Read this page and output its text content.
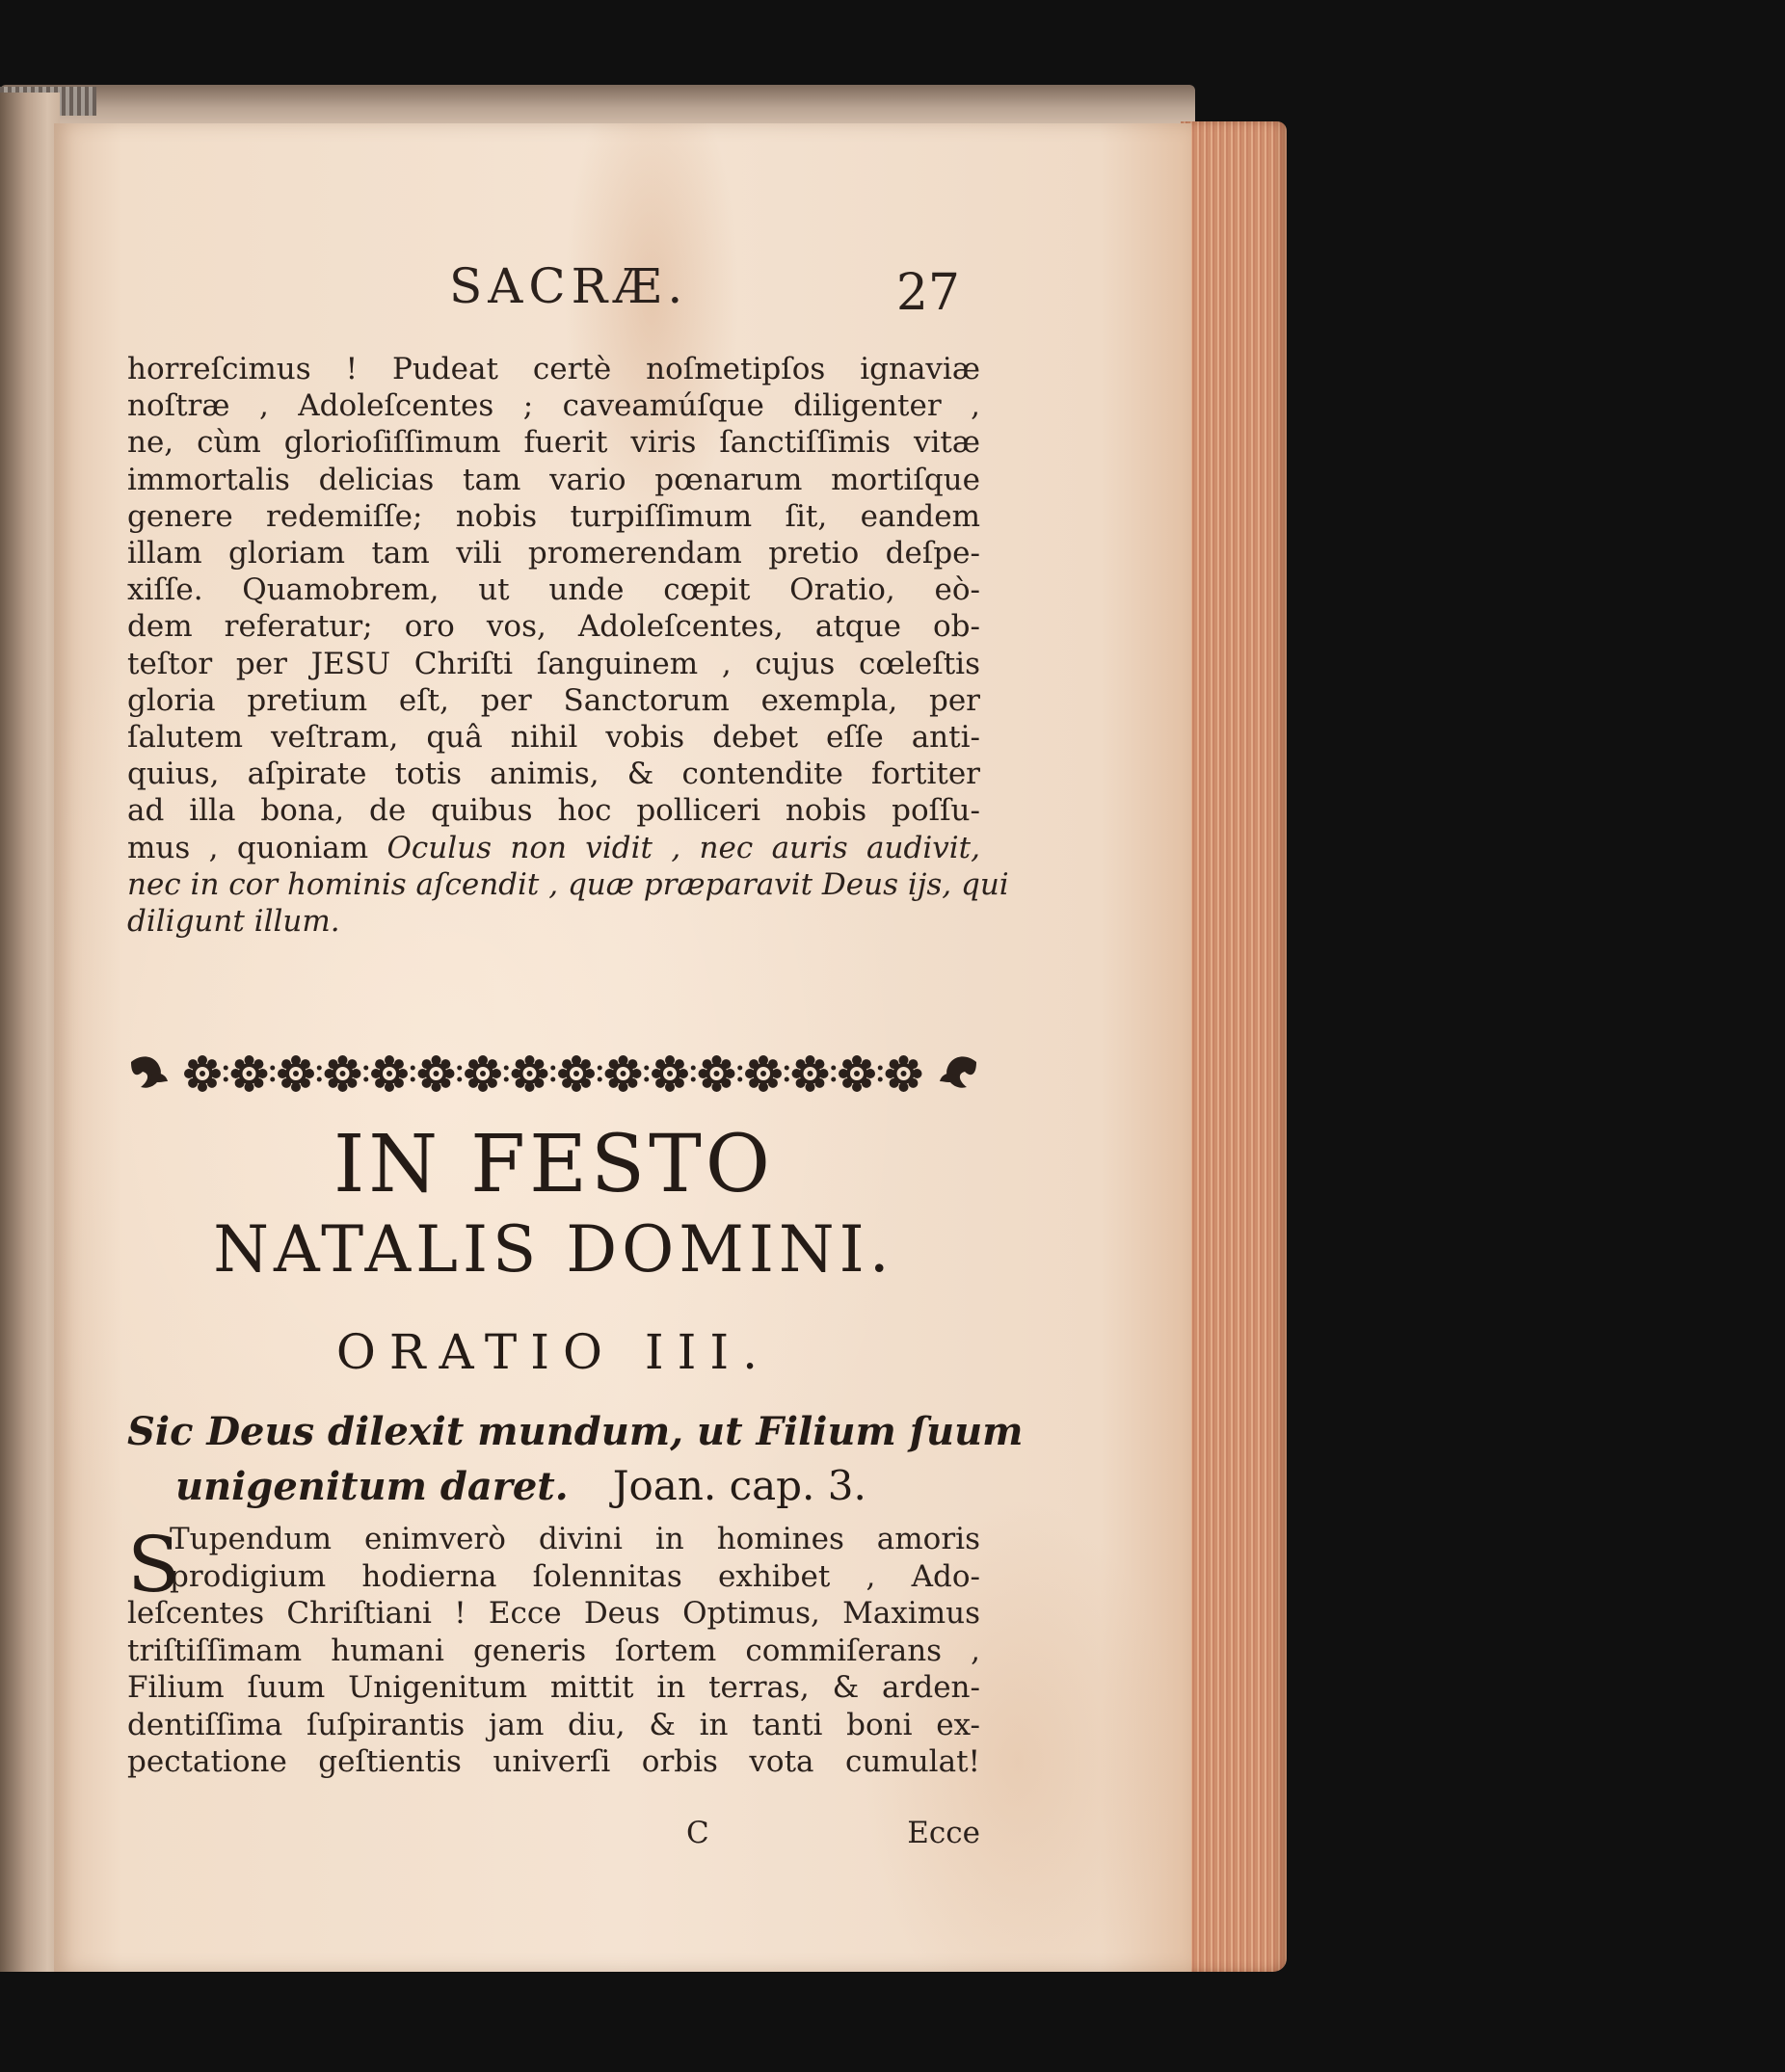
SACRÆ.	27
horreſcimus ! Pudeat certè noſmetipſos ignaviæ
noſtræ , Adoleſcentes ; caveamúſque diligenter ,
ne, cùm glorioſiſſimum fuerit viris ſanctiſſimis vitæ
immortalis delicias tam vario pœnarum mortiſque
genere redemiſſe; nobis turpiſſimum ſit, eandem
illam gloriam tam vili promerendam pretio deſpe-
xiſſe. Quamobrem, ut unde cœpit Oratio, eò-
dem referatur; oro vos, Adoleſcentes, atque ob-
teſtor per JESU Chriſti ſanguinem , cujus cœleſtis
gloria pretium eſt, per Sanctorum exempla, per
ſalutem veſtram, quâ nihil vobis debet eſſe anti-
quius, aſpirate totis animis, & contendite fortiter
ad illa bona, de quibus hoc polliceri nobis poſſu-
mus , quoniam Oculus non vidit , nec auris audivit,
nec in cor hominis aſcendit , quæ præparavit Deus ijs, qui
diligunt illum.
IN FESTO
NATALIS DOMINI.
ORATIO III.
Sic Deus dilexit mundum, ut Filium ſuum
unigenitum daret. Joan. cap. 3.
S
Tupendum enimverò divini in homines amoris
prodigium hodierna ſolennitas exhibet , Ado-
leſcentes Chriſtiani ! Ecce Deus Optimus, Maximus
triſtiſſimam humani generis ſortem commiſerans ,
Filium ſuum Unigenitum mittit in terras, & arden-
dentiſſima ſuſpirantis jam diu, & in tanti boni ex-
pectatione geſtientis univerſi orbis vota cumulat!
C	Ecce
